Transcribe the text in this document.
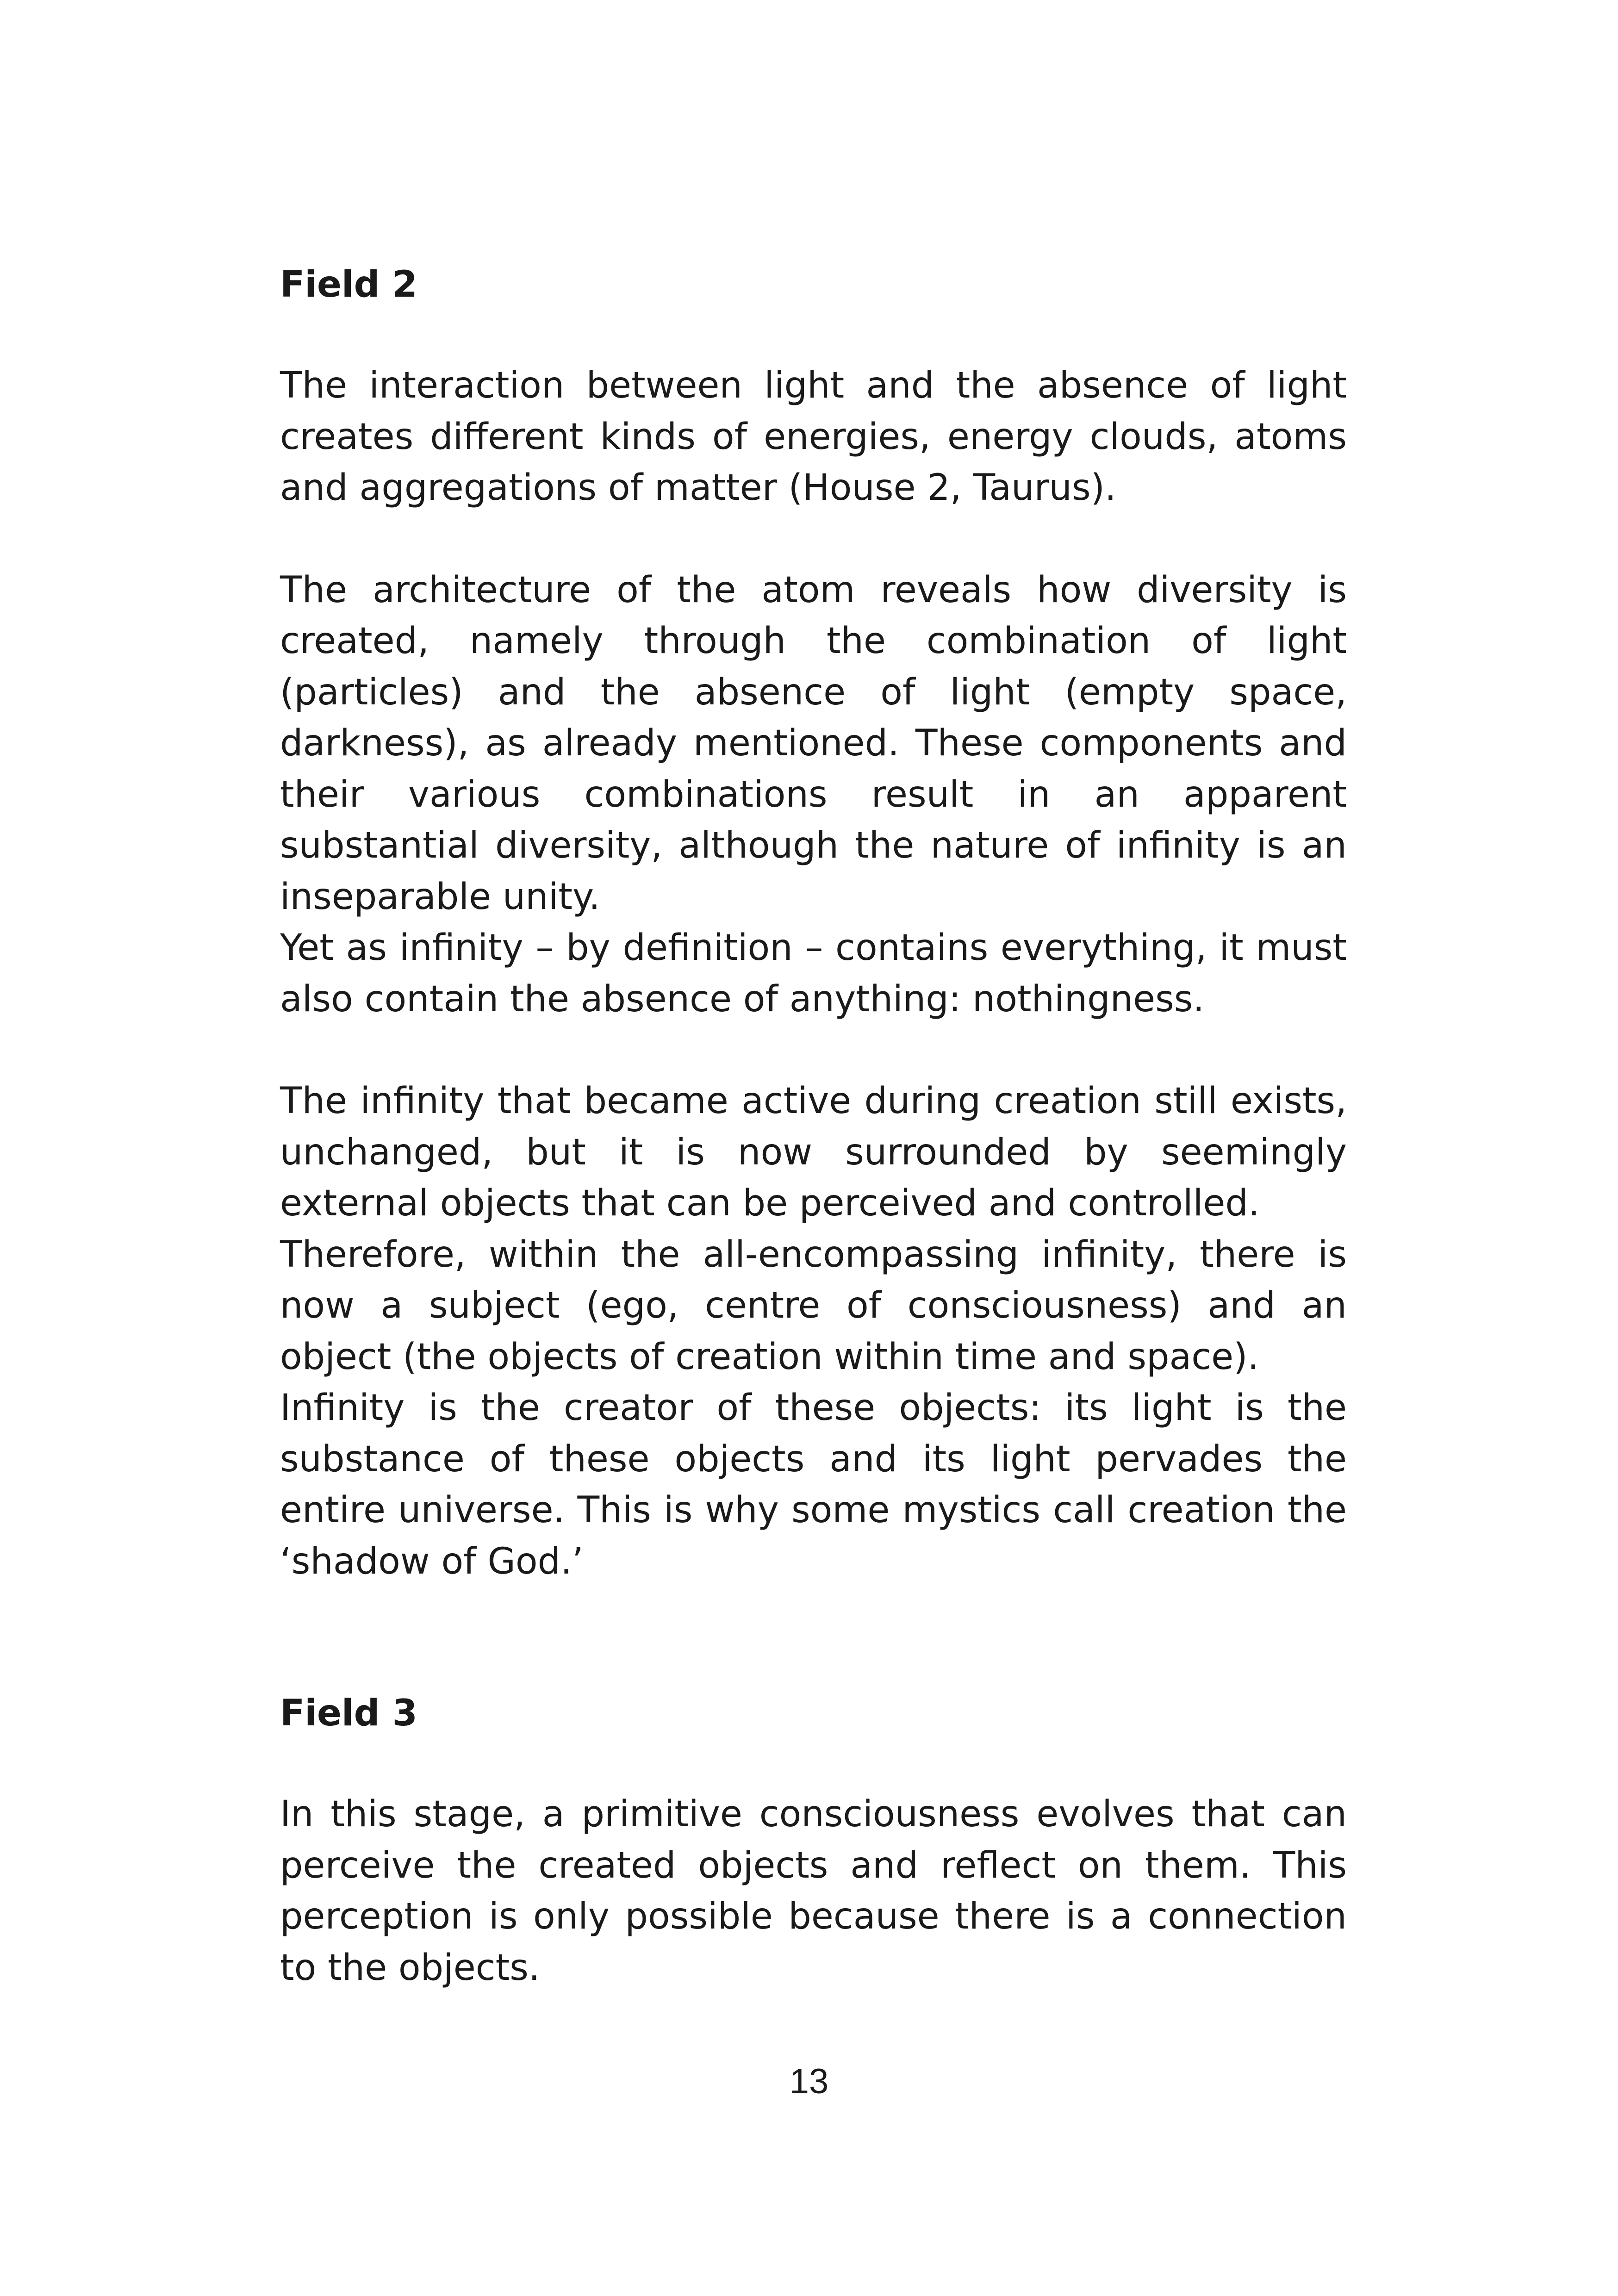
Field 2

The interaction between light and the absence of light creates different kinds of energies, energy clouds, atoms and aggregations of matter (House 2, Taurus).

The architecture of the atom reveals how diversity is created, namely through the combination of light (particles) and the absence of light (empty space, darkness), as already mentioned. These components and their various combinations result in an apparent substantial diversity, although the nature of infinity is an inseparable unity.

Yet as infinity – by definition – contains everything, it must also contain the absence of anything: nothingness.

The infinity that became active during creation still exists, unchanged, but it is now surrounded by seemingly external objects that can be perceived and controlled.

Therefore, within the all-encompassing infinity, there is now a subject (ego, centre of consciousness) and an object (the objects of creation within time and space).

Infinity is the creator of these objects: its light is the substance of these objects and its light pervades the entire universe. This is why some mystics call creation the ‘shadow of God.’

Field 3

In this stage, a primitive consciousness evolves that can perceive the created objects and reflect on them. This perception is only possible because there is a connection to the objects.

13
